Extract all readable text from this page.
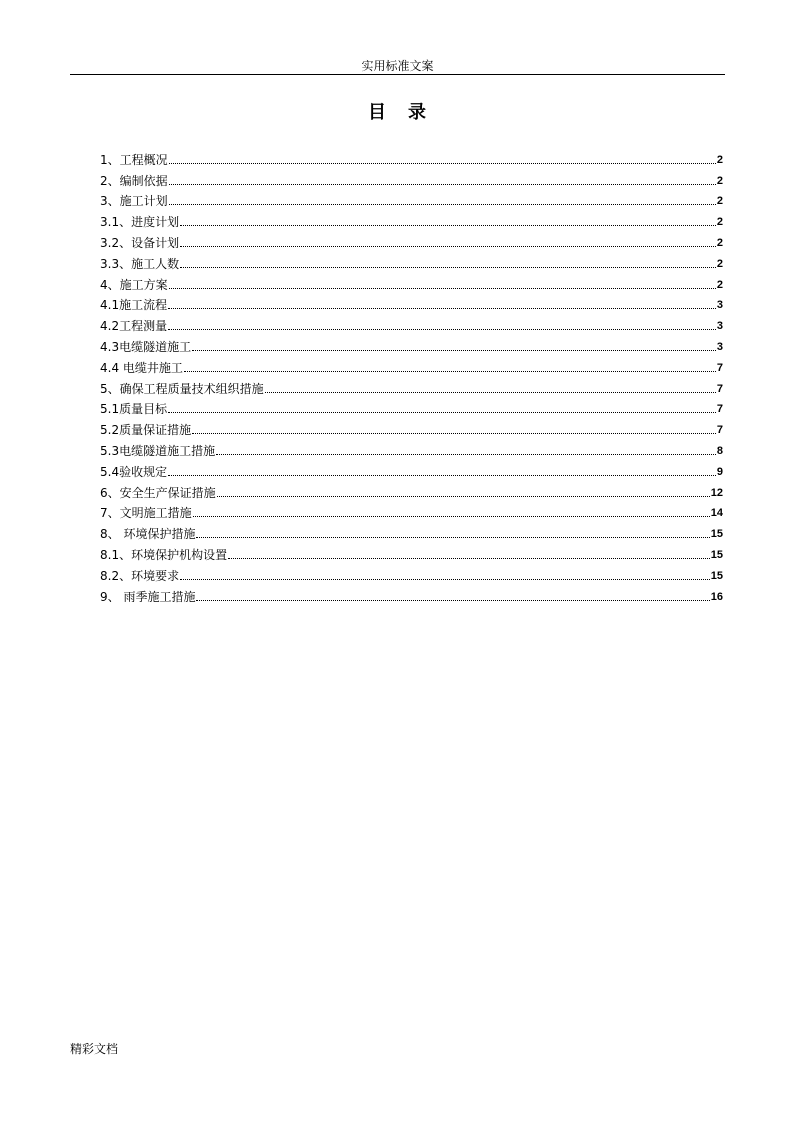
实用标准文案
目录
1、工程概况	2
2、编制依据	2
3、施工计划	2
3.1、进度计划	2
3.2、设备计划	2
3.3、施工人数	2
4、施工方案	2
4.1施工流程	3
4.2工程测量	3
4.3电缆隧道施工	3
4.4 电缆井施工	7
5、确保工程质量技术组织措施	7
5.1质量目标	7
5.2质量保证措施	7
5.3电缆隧道施工措施	8
5.4验收规定	9
6、安全生产保证措施	12
7、文明施工措施	14
8、 环境保护措施	15
8.1、环境保护机构设置	15
8.2、环境要求	15
9、 雨季施工措施	16
精彩文档
